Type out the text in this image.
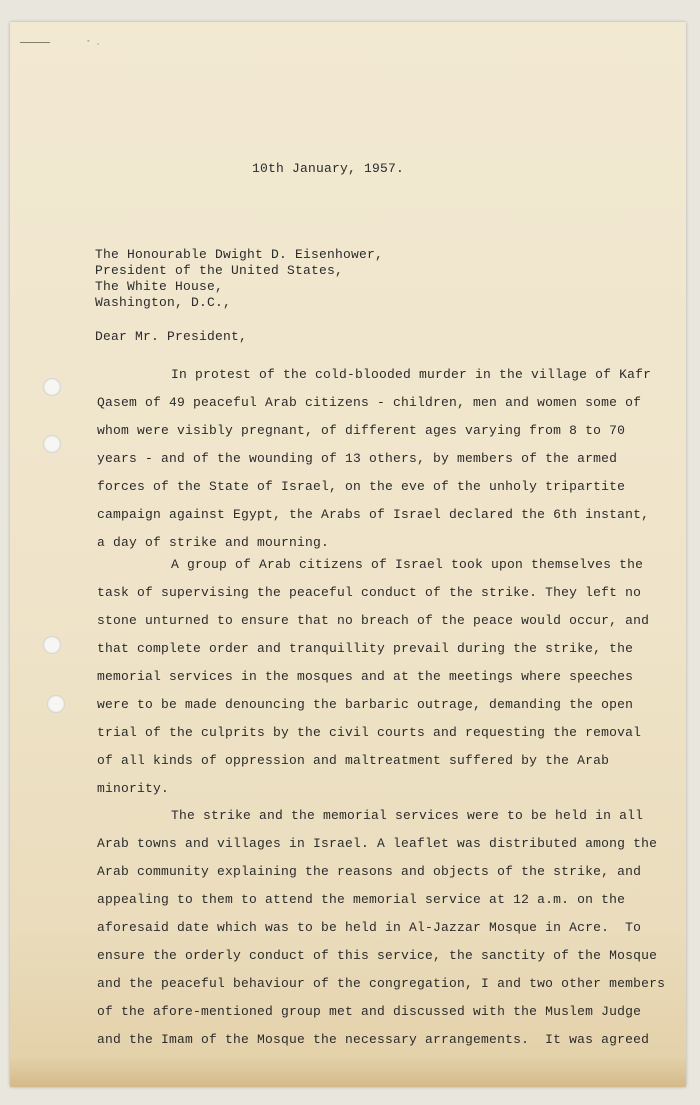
˚ ·
10th January, 1957.
The Honourable Dwight D. Eisenhower,
President of the United States,
The White House,
Washington, D.C.,
Dear Mr. President,
In protest of the cold-blooded murder in the village of Kafr
Qasem of 49 peaceful Arab citizens - children, men and women some of
whom were visibly pregnant, of different ages varying from 8 to 70
years - and of the wounding of 13 others, by members of the armed
forces of the State of Israel, on the eve of the unholy tripartite
campaign against Egypt, the Arabs of Israel declared the 6th instant,
a day of strike and mourning.
A group of Arab citizens of Israel took upon themselves the
task of supervising the peaceful conduct of the strike. They left no
stone unturned to ensure that no breach of the peace would occur, and
that complete order and tranquillity prevail during the strike, the
memorial services in the mosques and at the meetings where speeches
were to be made denouncing the barbaric outrage, demanding the open
trial of the culprits by the civil courts and requesting the removal
of all kinds of oppression and maltreatment suffered by the Arab
minority.
The strike and the memorial services were to be held in all
Arab towns and villages in Israel. A leaflet was distributed among the
Arab community explaining the reasons and objects of the strike, and
appealing to them to attend the memorial service at 12 a.m. on the
aforesaid date which was to be held in Al-Jazzar Mosque in Acre.  To
ensure the orderly conduct of this service, the sanctity of the Mosque
and the peaceful behaviour of the congregation, I and two other members
of the afore-mentioned group met and discussed with the Muslem Judge
and the Imam of the Mosque the necessary arrangements.  It was agreed
